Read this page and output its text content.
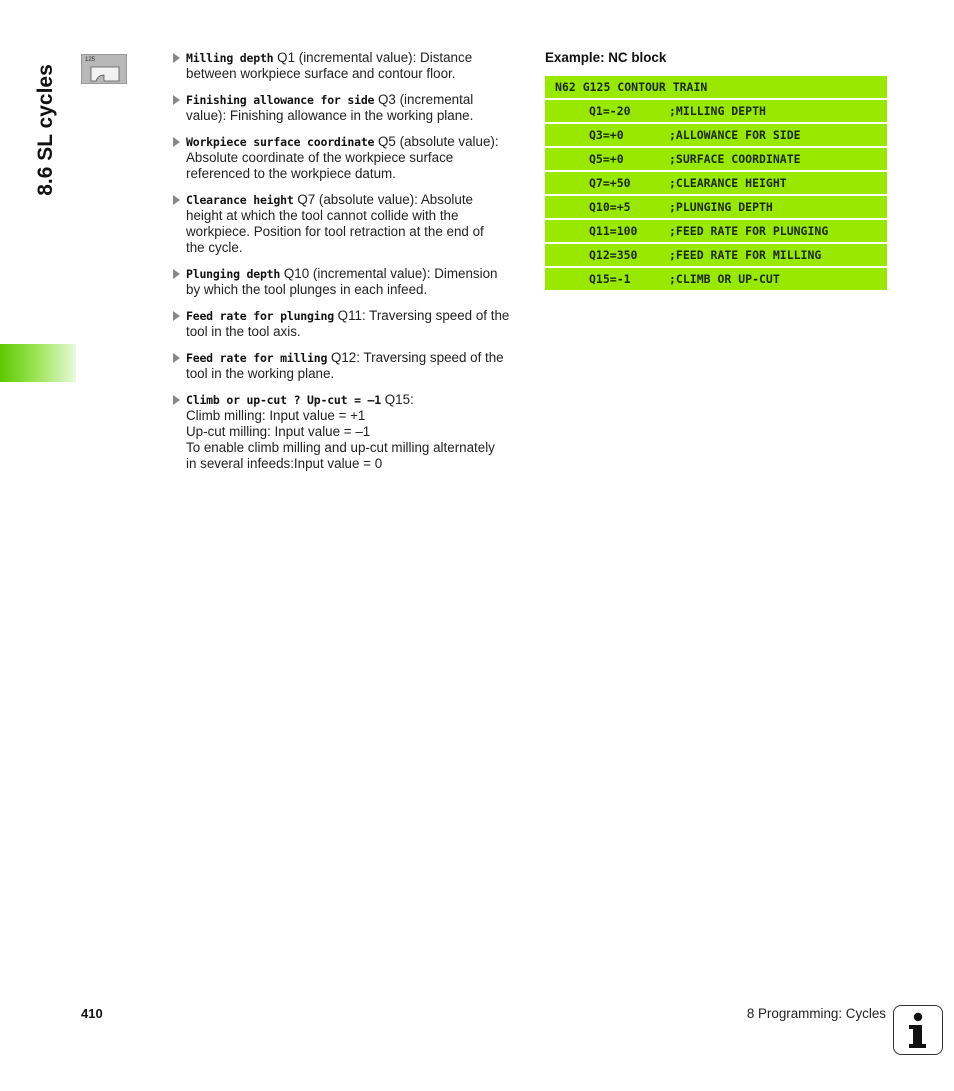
8.6 SL cycles
125	Milling depth Q1 (incremental value): Distance
between workpiece surface and contour floor.
Finishing allowance for side Q3 (incremental
value): Finishing allowance in the working plane.
Workpiece surface coordinate Q5 (absolute value):
Absolute coordinate of the workpiece surface
referenced to the workpiece datum.
Clearance height Q7 (absolute value): Absolute
height at which the tool cannot collide with the
workpiece. Position for tool retraction at the end of
the cycle.
Plunging depth Q10 (incremental value): Dimension
by which the tool plunges in each infeed.
Feed rate for plunging Q11: Traversing speed of the
tool in the tool axis.
Feed rate for milling Q12: Traversing speed of the
tool in the working plane.
Climb or up-cut ? Up-cut = –1 Q15:
Climb milling: Input value = +1
Up-cut milling: Input value = –1
To enable climb milling and up-cut milling alternately
in several infeeds:Input value = 0
Example: NC block
N62 G125 CONTOUR TRAIN
Q1=-20	;MILLING DEPTH
Q3=+0	;ALLOWANCE FOR SIDE
Q5=+0	;SURFACE COORDINATE
Q7=+50	;CLEARANCE HEIGHT
Q10=+5	;PLUNGING DEPTH
Q11=100	;FEED RATE FOR PLUNGING
Q12=350	;FEED RATE FOR MILLING
Q15=-1	;CLIMB OR UP-CUT
410	8 Programming: Cycles
